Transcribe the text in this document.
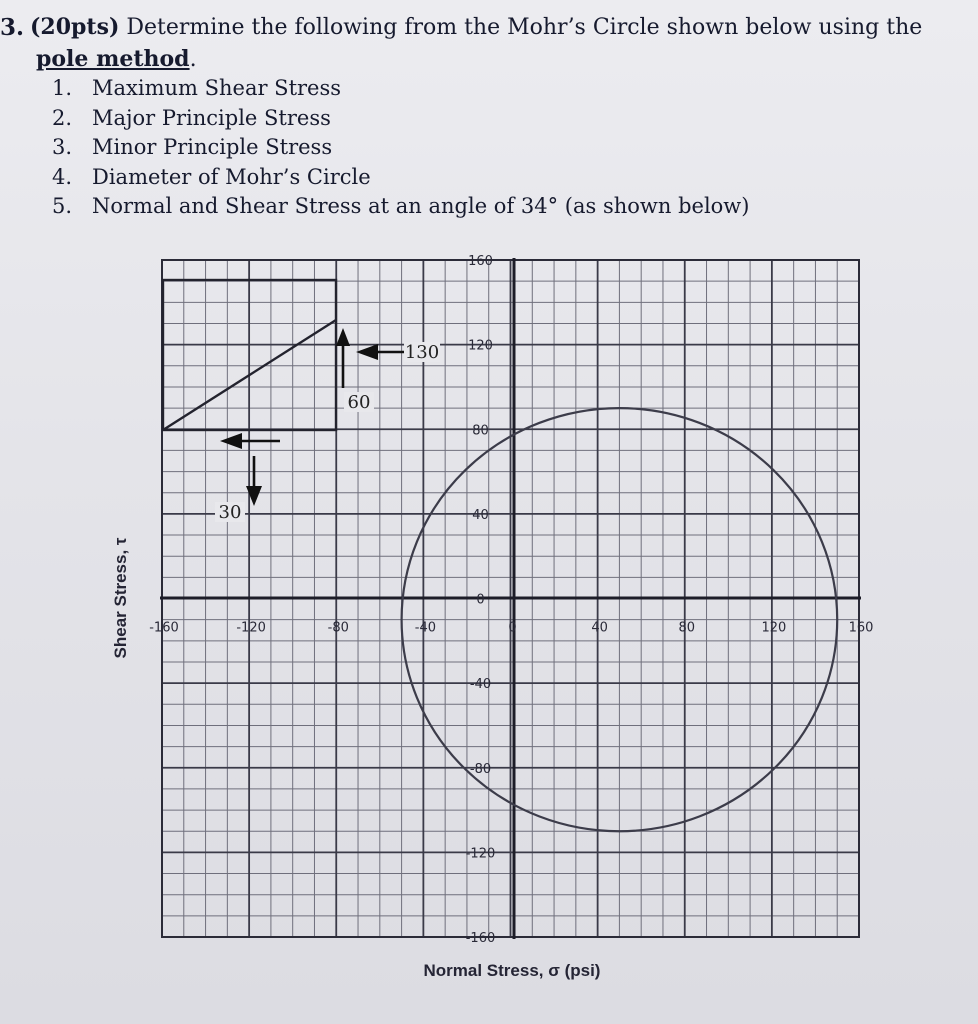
3. (20pts) Determine the following from the Mohr’s Circle shown below using the
pole method.
1. Maximum Shear Stress
2. Major Principle Stress
3. Minor Principle Stress
4. Diameter of Mohr’s Circle
5. Normal and Shear Stress at an angle of 34° (as shown below)
-160	-120	-80	-40	0	40	80	120	160
160
120
80
40
0
-40
-80
-120
-160
130
60
30
Normal Stress, σ (psi)
Shear Stress, τ
